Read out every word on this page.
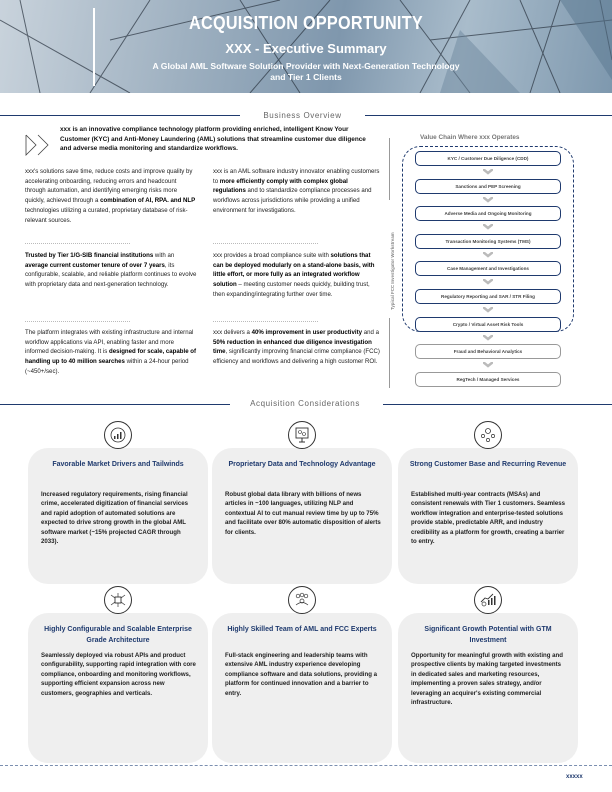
ACQUISITION OPPORTUNITY
XXX - Executive Summary
A Global AML Software Solution Provider with Next-Generation Technology and Tier 1 Clients
Business Overview
xxx is an innovative compliance technology platform providing enriched, intelligent Know Your Customer (KYC) and Anti-Money Laundering (AML) solutions that streamline customer due diligence and adverse media monitoring and standardize workflows.
xxx's solutions save time, reduce costs and improve quality by accelerating onboarding, reducing errors and headcount through automation, and identifying emerging risks more quickly, achieved through a combination of AI, RPA. and NLP technologies utilizing a curated, proprietary database of risk-relevant sources.
xxx is an AML software industry innovator enabling customers to more efficiently comply with complex global regulations and to standardize compliance processes and workflows across jurisdictions while providing a unified environment for investigations.
Trusted by Tier 1/G-SIB financial institutions with an average current customer tenure of over 7 years, its configurable, scalable, and reliable platform continues to evolve with proprietary data and next-generation technology.
xxx provides a broad compliance suite with solutions that can be deployed modularly on a stand-alone basis, with little effort, or more fully as an integrated workflow solution – meeting customer needs quickly, building trust, then expanding/integrating further over time.
The platform integrates with existing infrastructure and internal workflow applications via API, enabling faster and more informed decision-making. It is designed for scale, capable of handling up to 40 million searches within a 24-hour period (~450+/sec).
xxx delivers a 40% improvement in user productivity and a 50% reduction in enhanced due diligence investigation time, significantly improving financial crime compliance (FCC) efficiency and workflows and delivering a high customer ROI.
Value Chain Where xxx Operates
Typical FCC Investigator Workstream
KYC / Customer Due Diligence (CDD)
Sanctions and PEP Screening
Adverse Media and Ongoing Monitoring
Transaction Monitoring Systems (TMS)
Case Management and Investigations
Regulatory Reporting and SAR / STR Filing
Crypto / Virtual Asset Risk Tools
Fraud and Behavioral Analytics
RegTech / Managed Services
Acquisition Considerations
Favorable Market Drivers and Tailwinds

Increased regulatory requirements, rising financial crime, accelerated digitization of financial services and rapid adoption of automated solutions are expected to drive strong growth in the global AML software market (~15% projected CAGR through 2033).

Proprietary Data and Technology Advantage

Robust global data library with billions of news articles in ~100 languages, utilizing NLP and contextual AI to cut manual review time by up to 75% and facilitate over 80% automatic disposition of alerts for clients.

Strong Customer Base and Recurring Revenue

Established multi-year contracts (MSAs) and consistent renewals with Tier 1 customers. Seamless workflow integration and enterprise-tested solutions provide stable, predictable ARR, and industry credibility as a platform for growth, creating a barrier to entry.

Highly Configurable and Scalable Enterprise Grade Architecture

Seamlessly deployed via robust APIs and product configurability, supporting rapid integration with core compliance, onboarding and monitoring workflows, supporting efficient expansion across new customers, geographies and verticals.

Highly Skilled Team of AML and FCC Experts

Full-stack engineering and leadership teams with extensive AML industry experience developing compliance software and data solutions, providing a platform for continued innovation and a barrier to entry.

Significant Growth Potential with GTM Investment

Opportunity for meaningful growth with existing and prospective clients by making targeted investments in dedicated sales and marketing resources, implementing a proven sales strategy, and/or leveraging an acquirer's existing commercial infrastructure.

xxxxx
